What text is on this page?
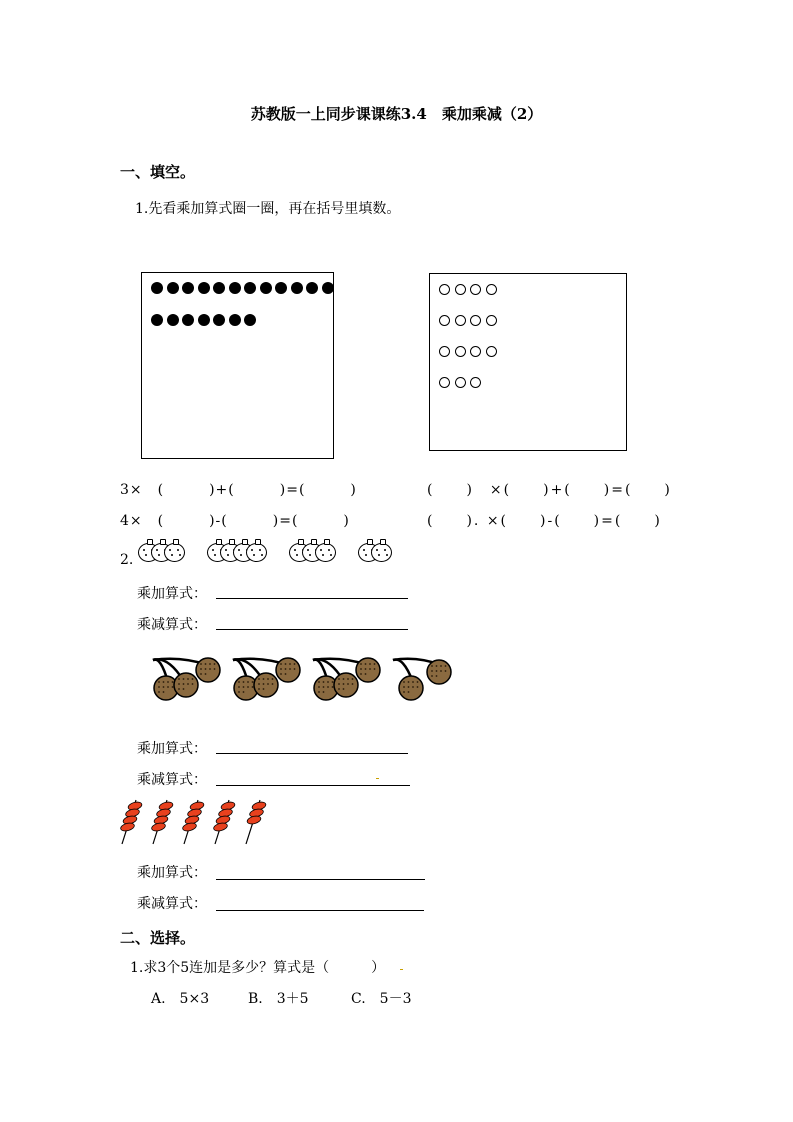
苏教版一上同步课课练3.4　乘加乘减（2）
一、填空。
1.先看乘加算式圈一圈，再在括号里填数。
3×　(　　　)+(　　　)=(　　　)
4×　(　　　)-(　　　)=(　　　)
(　　)　×(　　)+(　　)=(　　)
(　　). ×(　　)-(　　)=(　　)
2.
乘加算式：
乘减算式：
乘加算式：
乘减算式：
乘加算式：
乘减算式：
二、选择。
1.求3个5连加是多少？算式是（　　　）
A.　5×3	B.　3＋5	C.　5－3
